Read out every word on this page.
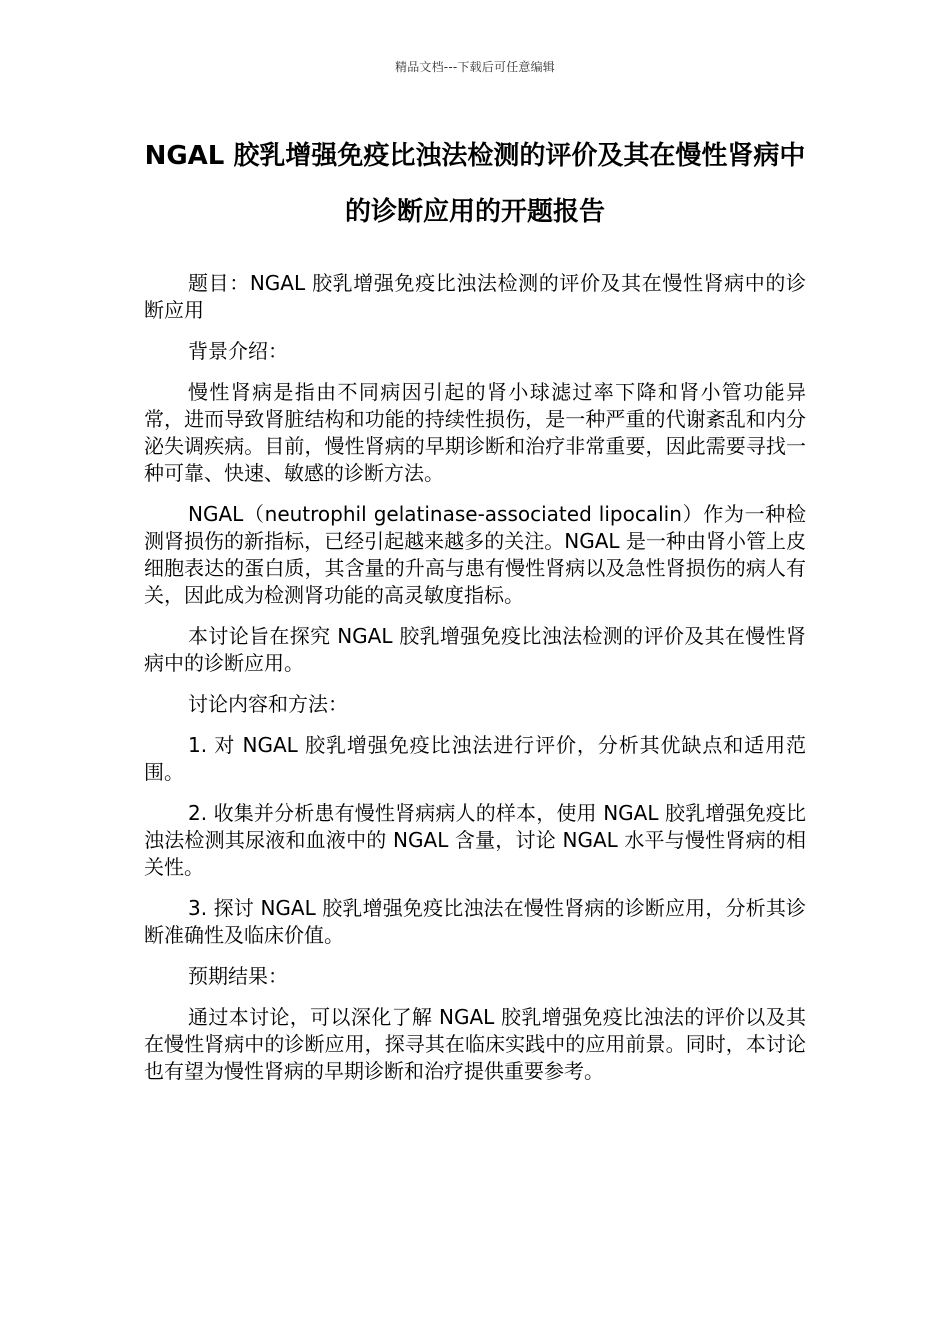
精品文档---下载后可任意编辑
NGAL 胶乳增强免疫比浊法检测的评价及其在慢性肾病中的诊断应用的开题报告

题目：NGAL 胶乳增强免疫比浊法检测的评价及其在慢性肾病中的诊断应用

背景介绍：

慢性肾病是指由不同病因引起的肾小球滤过率下降和肾小管功能异常，进而导致肾脏结构和功能的持续性损伤，是一种严重的代谢紊乱和内分泌失调疾病。目前，慢性肾病的早期诊断和治疗非常重要，因此需要寻找一种可靠、快速、敏感的诊断方法。

NGAL（neutrophil gelatinase-associated lipocalin）作为一种检测肾损伤的新指标，已经引起越来越多的关注。NGAL 是一种由肾小管上皮细胞表达的蛋白质，其含量的升高与患有慢性肾病以及急性肾损伤的病人有关，因此成为检测肾功能的高灵敏度指标。

本讨论旨在探究 NGAL 胶乳增强免疫比浊法检测的评价及其在慢性肾病中的诊断应用。

讨论内容和方法：

1. 对 NGAL 胶乳增强免疫比浊法进行评价，分析其优缺点和适用范围。

2. 收集并分析患有慢性肾病病人的样本，使用 NGAL 胶乳增强免疫比浊法检测其尿液和血液中的 NGAL 含量，讨论 NGAL 水平与慢性肾病的相关性。

3. 探讨 NGAL 胶乳增强免疫比浊法在慢性肾病的诊断应用，分析其诊断准确性及临床价值。

预期结果：

通过本讨论，可以深化了解 NGAL 胶乳增强免疫比浊法的评价以及其在慢性肾病中的诊断应用，探寻其在临床实践中的应用前景。同时，本讨论也有望为慢性肾病的早期诊断和治疗提供重要参考。
